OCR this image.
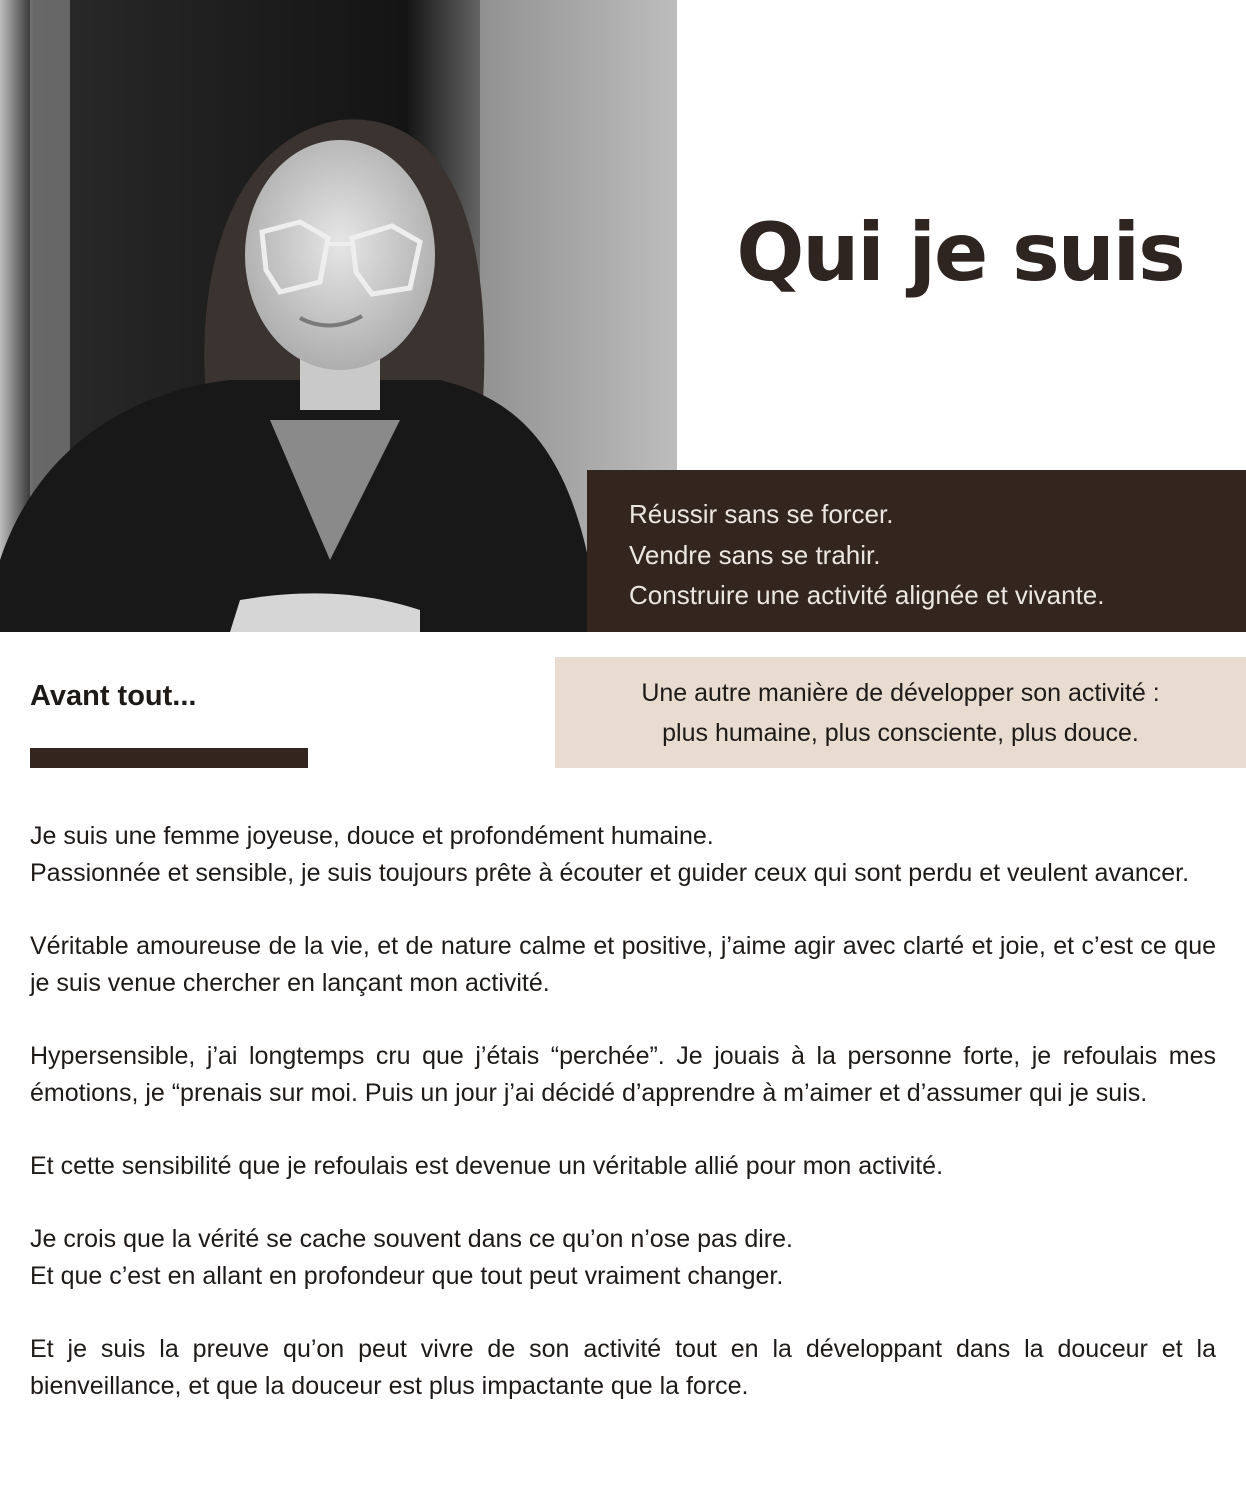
Qui je suis
Réussir sans se forcer.
Vendre sans se trahir.
Construire une activité alignée et vivante.
Avant tout...	Une autre manière de développer son activité :
plus humaine, plus consciente, plus douce.

Je suis une femme joyeuse, douce et profondément humaine.
Passionnée et sensible, je suis toujours prête à écouter et guider ceux qui sont perdu et veulent avancer.

Véritable amoureuse de la vie, et de nature calme et positive, j’aime agir avec clarté et joie, et c’est ce que je suis venue chercher en lançant mon activité.

Hypersensible, j’ai longtemps cru que j’étais “perchée”. Je jouais à la personne forte, je refoulais mes émotions, je “prenais sur moi. Puis un jour j’ai décidé d’apprendre à m’aimer et d’assumer qui je suis.

Et cette sensibilité que je refoulais est devenue un véritable allié pour mon activité.

Je crois que la vérité se cache souvent dans ce qu’on n’ose pas dire.
Et que c’est en allant en profondeur que tout peut vraiment changer.

Et je suis la preuve qu’on peut vivre de son activité tout en la développant dans la douceur et la bienveillance, et que la douceur est plus impactante que la force.
